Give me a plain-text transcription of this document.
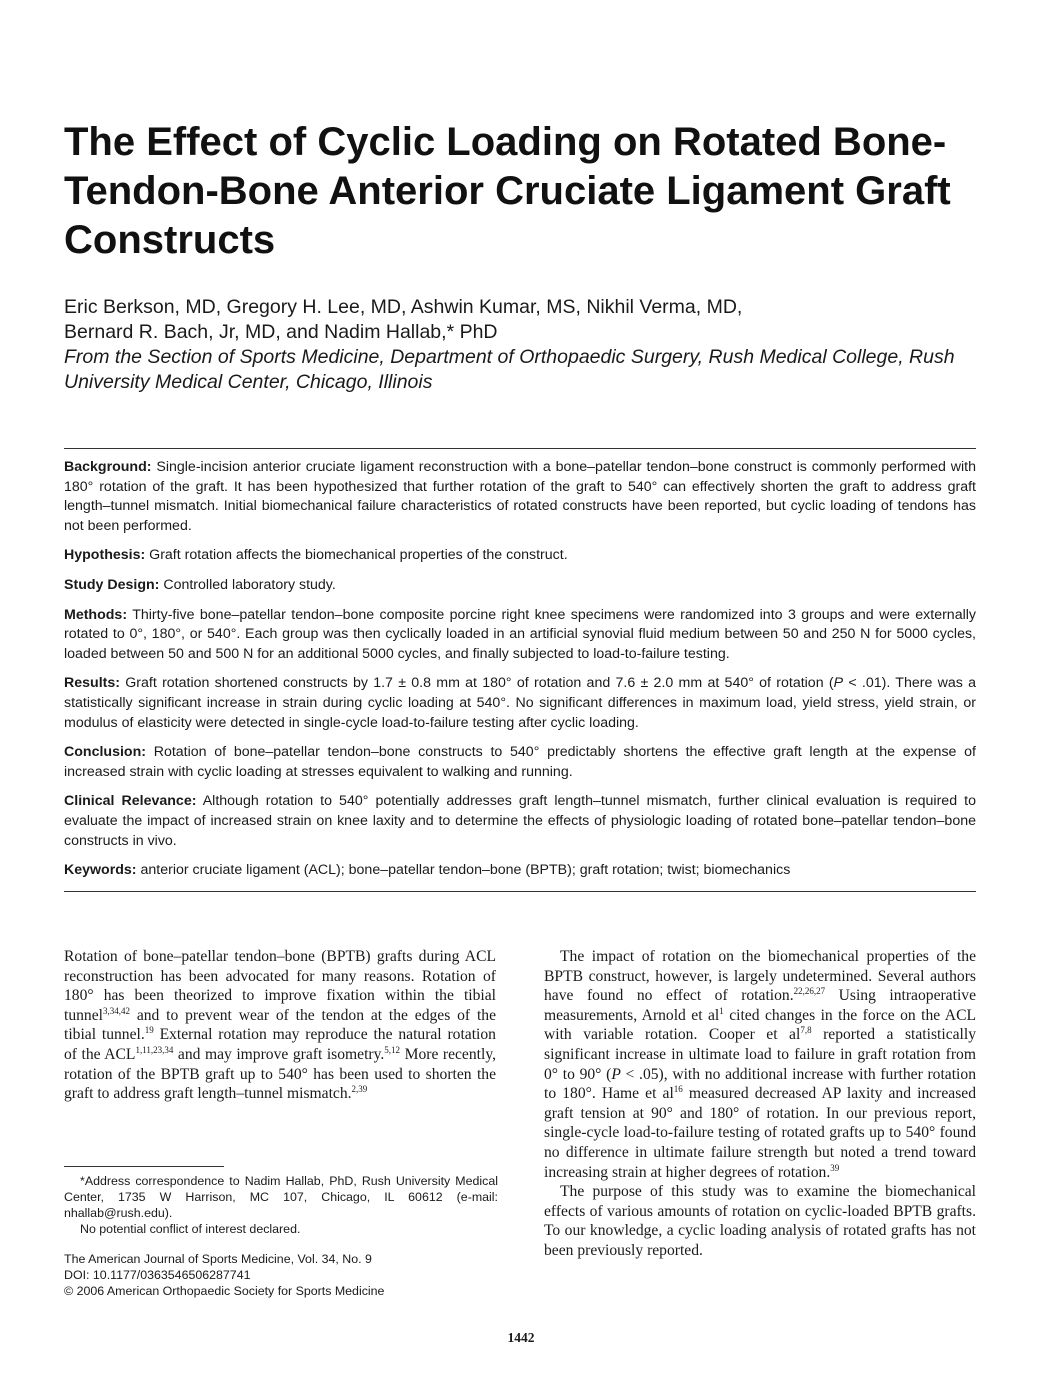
The Effect of Cyclic Loading on Rotated Bone-Tendon-Bone Anterior Cruciate Ligament Graft Constructs
Eric Berkson, MD, Gregory H. Lee, MD, Ashwin Kumar, MS, Nikhil Verma, MD,
Bernard R. Bach, Jr, MD, and Nadim Hallab,* PhD
From the Section of Sports Medicine, Department of Orthopaedic Surgery, Rush Medical College, Rush University Medical Center, Chicago, Illinois

Background: Single-incision anterior cruciate ligament reconstruction with a bone–patellar tendon–bone construct is commonly performed with 180° rotation of the graft. It has been hypothesized that further rotation of the graft to 540° can effectively shorten the graft to address graft length–tunnel mismatch. Initial biomechanical failure characteristics of rotated constructs have been reported, but cyclic loading of tendons has not been performed.

Hypothesis: Graft rotation affects the biomechanical properties of the construct.

Study Design: Controlled laboratory study.

Methods: Thirty-five bone–patellar tendon–bone composite porcine right knee specimens were randomized into 3 groups and were externally rotated to 0°, 180°, or 540°. Each group was then cyclically loaded in an artificial synovial fluid medium between 50 and 250 N for 5000 cycles, loaded between 50 and 500 N for an additional 5000 cycles, and finally subjected to load-to-failure testing.

Results: Graft rotation shortened constructs by 1.7 ± 0.8 mm at 180° of rotation and 7.6 ± 2.0 mm at 540° of rotation (P < .01). There was a statistically significant increase in strain during cyclic loading at 540°. No significant differences in maximum load, yield stress, yield strain, or modulus of elasticity were detected in single-cycle load-to-failure testing after cyclic loading.

Conclusion: Rotation of bone–patellar tendon–bone constructs to 540° predictably shortens the effective graft length at the expense of increased strain with cyclic loading at stresses equivalent to walking and running.

Clinical Relevance: Although rotation to 540° potentially addresses graft length–tunnel mismatch, further clinical evaluation is required to evaluate the impact of increased strain on knee laxity and to determine the effects of physiologic loading of rotated bone–patellar tendon–bone constructs in vivo.

Keywords: anterior cruciate ligament (ACL); bone–patellar tendon–bone (BPTB); graft rotation; twist; biomechanics

Rotation of bone–patellar tendon–bone (BPTB) grafts during ACL reconstruction has been advocated for many reasons. Rotation of 180° has been theorized to improve fixation within the tibial tunnel$^{3,34,42}$ and to prevent wear of the tendon at the edges of the tibial tunnel.$^{19}$ External rotation may reproduce the natural rotation of the ACL$^{1,11,23,34}$ and may improve graft isometry.$^{5,12}$ More recently, rotation of the BPTB graft up to 540° has been used to shorten the graft to address graft length–tunnel mismatch.$^{2,39}$

*Address correspondence to Nadim Hallab, PhD, Rush University Medical Center, 1735 W Harrison, MC 107, Chicago, IL 60612 (e-mail: nhallab@rush.edu).

No potential conflict of interest declared.

The American Journal of Sports Medicine, Vol. 34, No. 9
DOI: 10.1177/0363546506287741
© 2006 American Orthopaedic Society for Sports Medicine

The impact of rotation on the biomechanical properties of the BPTB construct, however, is largely undetermined. Several authors have found no effect of rotation.$^{22,26,27}$ Using intraoperative measurements, Arnold et $al^1$ cited changes in the force on the ACL with variable rotation. Cooper et al$^{7,8}$ reported a statistically significant increase in ultimate load to failure in graft rotation from 0° to 90° (P < .05), with no additional increase with further rotation to 180°. Hame et $al^{16}$ measured decreased AP laxity and increased graft tension at 90° and 180° of rotation. In our previous report, single-cycle load-to-failure testing of rotated grafts up to 540° found no difference in ultimate failure strength but noted a trend toward increasing strain at higher degrees of rotation.$^{39}$

The purpose of this study was to examine the biomechanical effects of various amounts of rotation on cyclic-loaded BPTB grafts. To our knowledge, a cyclic loading analysis of rotated grafts has not been previously reported.

1442
